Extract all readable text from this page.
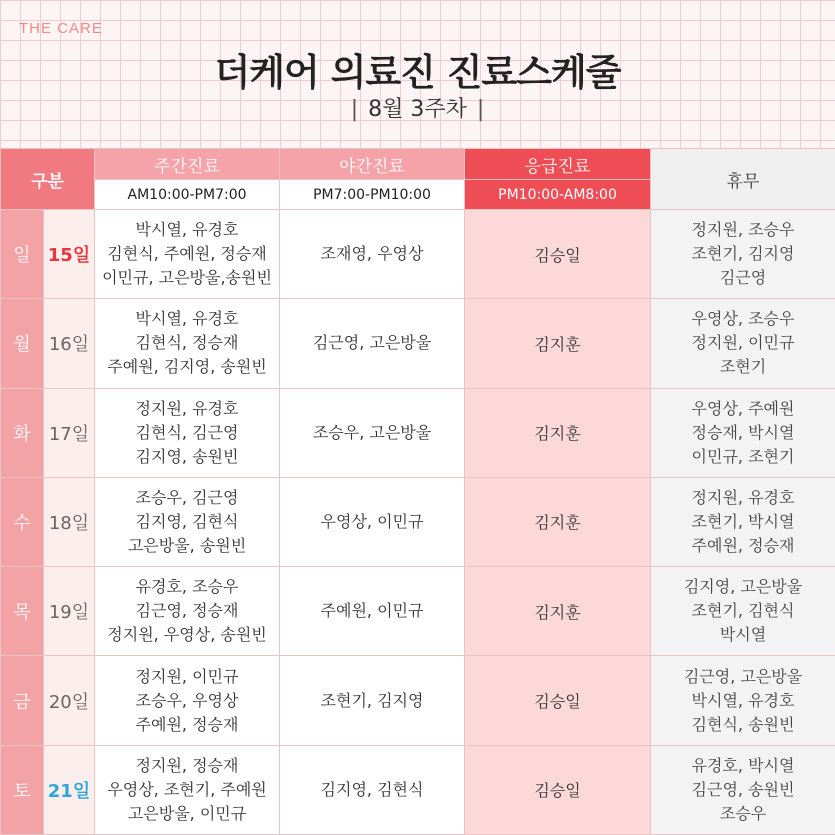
THE CARE
더케어 의료진 진료스케줄
| 8월 3주차 |
구분		주간진료	야간진료	응급진료	휴무
		AM10:00-PM7:00	PM7:00-PM10:00	PM10:00-AM8:00	
일	15일	박시열, 유경호
김현식, 주예원, 정승재
이민규, 고은방울,송원빈	조재영, 우영상	김승일	정지원, 조승우
조현기, 김지영
김근영

월	16일	박시열, 유경호
김현식, 정승재
주예원, 김지영, 송원빈	김근영, 고은방울	김지훈	우영상, 조승우
정지원, 이민규
조현기

화	17일	정지원, 유경호
김현식, 김근영
김지영, 송원빈	조승우, 고은방울	김지훈	우영상, 주예원
정승재, 박시열
이민규, 조현기

수	18일	조승우, 김근영
김지영, 김현식
고은방울, 송원빈	우영상, 이민규	김지훈	정지원, 유경호
조현기, 박시열
주예원, 정승재

목	19일	유경호, 조승우
김근영, 정승재
정지원, 우영상, 송원빈	주예원, 이민규	김지훈	김지영, 고은방울
조현기, 김현식
박시열

금	20일	정지원, 이민규
조승우, 우영상
주예원, 정승재	조현기, 김지영	김승일	김근영, 고은방울
박시열, 유경호
김현식, 송원빈

토	21일	정지원, 정승재
우영상, 조현기, 주예원
고은방울, 이민규	김지영, 김현식	김승일	유경호, 박시열
김근영, 송원빈
조승우
